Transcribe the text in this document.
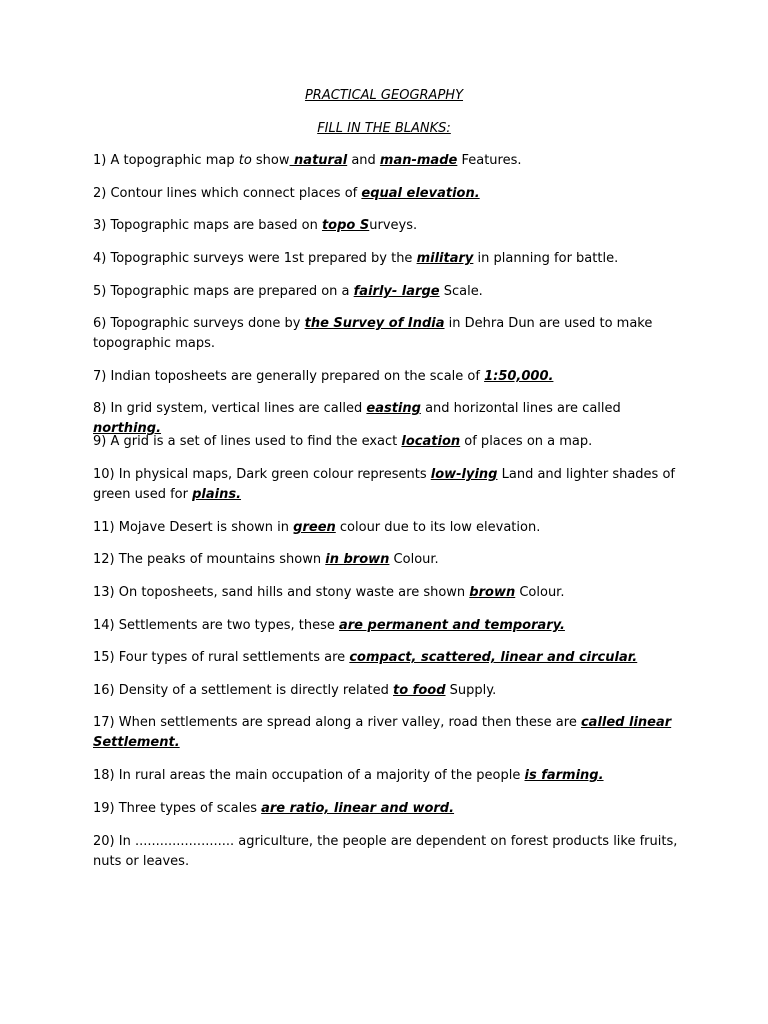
PRACTICAL GEOGRAPHY
FILL IN THE BLANKS:
1) A topographic map to show natural and man-made Features.
2) Contour lines which connect places of equal elevation.
3) Topographic maps are based on topo Surveys.
4) Topographic surveys were 1st prepared by the military in planning for battle.
5) Topographic maps are prepared on a fairly- large Scale.
6) Topographic surveys done by the Survey of India in Dehra Dun are used to make topographic maps.
7) Indian toposheets are generally prepared on the scale of 1:50,000.
8) In grid system, vertical lines are called easting and horizontal lines are called northing.
9) A grid is a set of lines used to find the exact location of places on a map.
10) In physical maps, Dark green colour represents low-lying Land and lighter shades of green used for plains.
11) Mojave Desert is shown in green colour due to its low elevation.
12) The peaks of mountains shown in brown Colour.
13) On toposheets, sand hills and stony waste are shown brown Colour.
14) Settlements are two types, these are permanent and temporary.
15) Four types of rural settlements are compact, scattered, linear and circular.
16) Density of a settlement is directly related to food Supply.
17) When settlements are spread along a river valley, road then these are called linear Settlement.
18) In rural areas the main occupation of a majority of the people is farming.
19) Three types of scales are ratio, linear and word.
20) In ........................ agriculture, the people are dependent on forest products like fruits, nuts or leaves.
